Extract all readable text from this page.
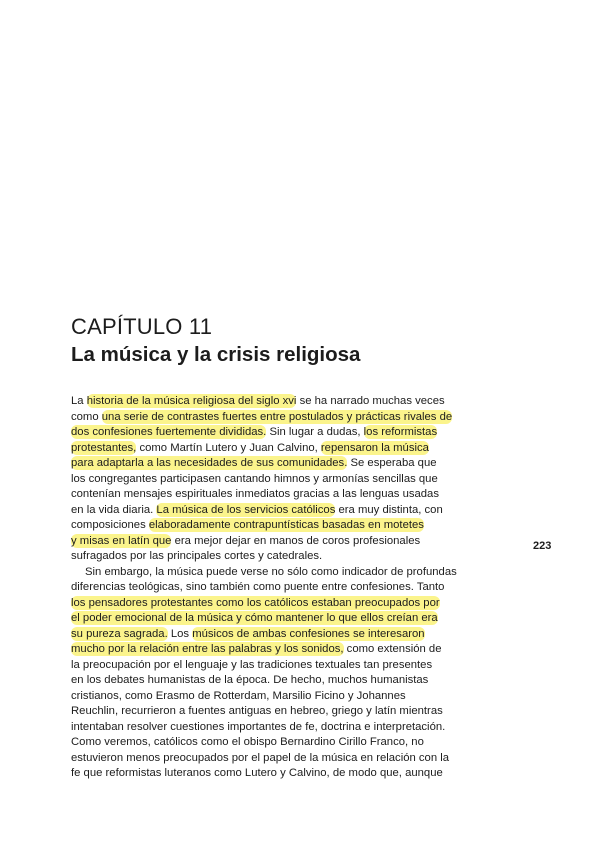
CAPÍTULO 11
La música y la crisis religiosa
La historia de la música religiosa del siglo xvi se ha narrado muchas veces
como una serie de contrastes fuertes entre postulados y prácticas rivales de
dos confesiones fuertemente divididas. Sin lugar a dudas, los reformistas
protestantes, como Martín Lutero y Juan Calvino, repensaron la música
para adaptarla a las necesidades de sus comunidades. Se esperaba que
los congregantes participasen cantando himnos y armonías sencillas que
contenían mensajes espirituales inmediatos gracias a las lenguas usadas
en la vida diaria. La música de los servicios católicos era muy distinta, con
composiciones elaboradamente contrapuntísticas basadas en motetes
y misas en latín que era mejor dejar en manos de coros profesionales
sufragados por las principales cortes y catedrales.
Sin embargo, la música puede verse no sólo como indicador de profundas
diferencias teológicas, sino también como puente entre confesiones. Tanto
los pensadores protestantes como los católicos estaban preocupados por
el poder emocional de la música y cómo mantener lo que ellos creían era
su pureza sagrada. Los músicos de ambas confesiones se interesaron
mucho por la relación entre las palabras y los sonidos, como extensión de
la preocupación por el lenguaje y las tradiciones textuales tan presentes
en los debates humanistas de la época. De hecho, muchos humanistas
cristianos, como Erasmo de Rotterdam, Marsilio Ficino y Johannes
Reuchlin, recurrieron a fuentes antiguas en hebreo, griego y latín mientras
intentaban resolver cuestiones importantes de fe, doctrina e interpretación.
Como veremos, católicos como el obispo Bernardino Cirillo Franco, no
estuvieron menos preocupados por el papel de la música en relación con la
fe que reformistas luteranos como Lutero y Calvino, de modo que, aunque
223
